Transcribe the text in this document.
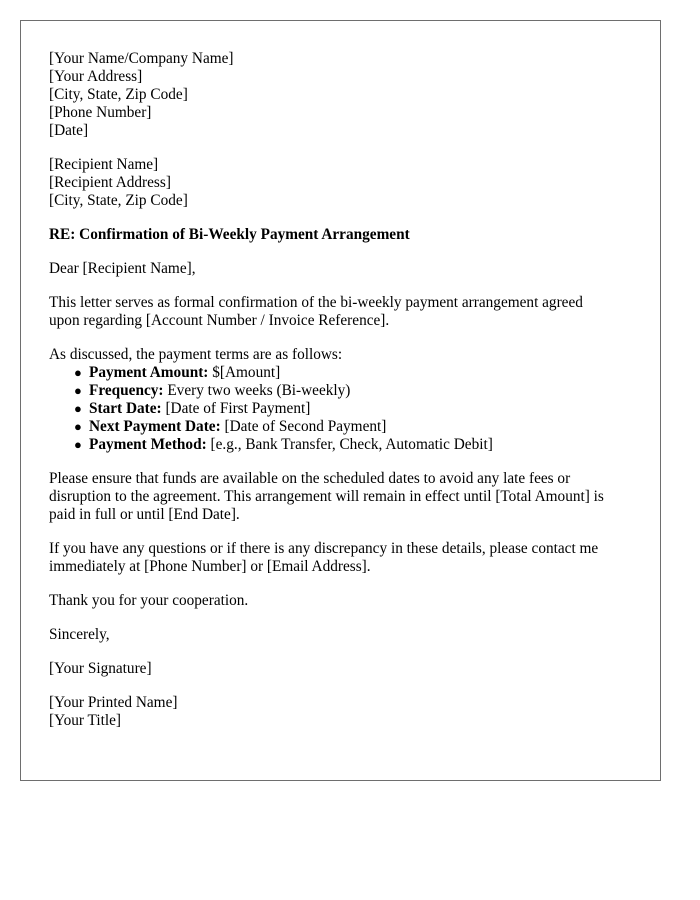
[Your Name/Company Name]
[Your Address]
[City, State, Zip Code]
[Phone Number]
[Date]
[Recipient Name]
[Recipient Address]
[City, State, Zip Code]

RE: Confirmation of Bi-Weekly Payment Arrangement

Dear [Recipient Name],

This letter serves as formal confirmation of the bi-weekly payment arrangement agreed
upon regarding [Account Number / Invoice Reference].

As discussed, the payment terms are as follows:

● Payment Amount: $[Amount]
● Frequency: Every two weeks (Bi-weekly)
● Start Date: [Date of First Payment]
● Next Payment Date: [Date of Second Payment]
● Payment Method: [e.g., Bank Transfer, Check, Automatic Debit]

Please ensure that funds are available on the scheduled dates to avoid any late fees or
disruption to the agreement. This arrangement will remain in effect until [Total Amount] is
paid in full or until [End Date].

If you have any questions or if there is any discrepancy in these details, please contact me
immediately at [Phone Number] or [Email Address].

Thank you for your cooperation.

Sincerely,

[Your Signature]

[Your Printed Name]
[Your Title]
